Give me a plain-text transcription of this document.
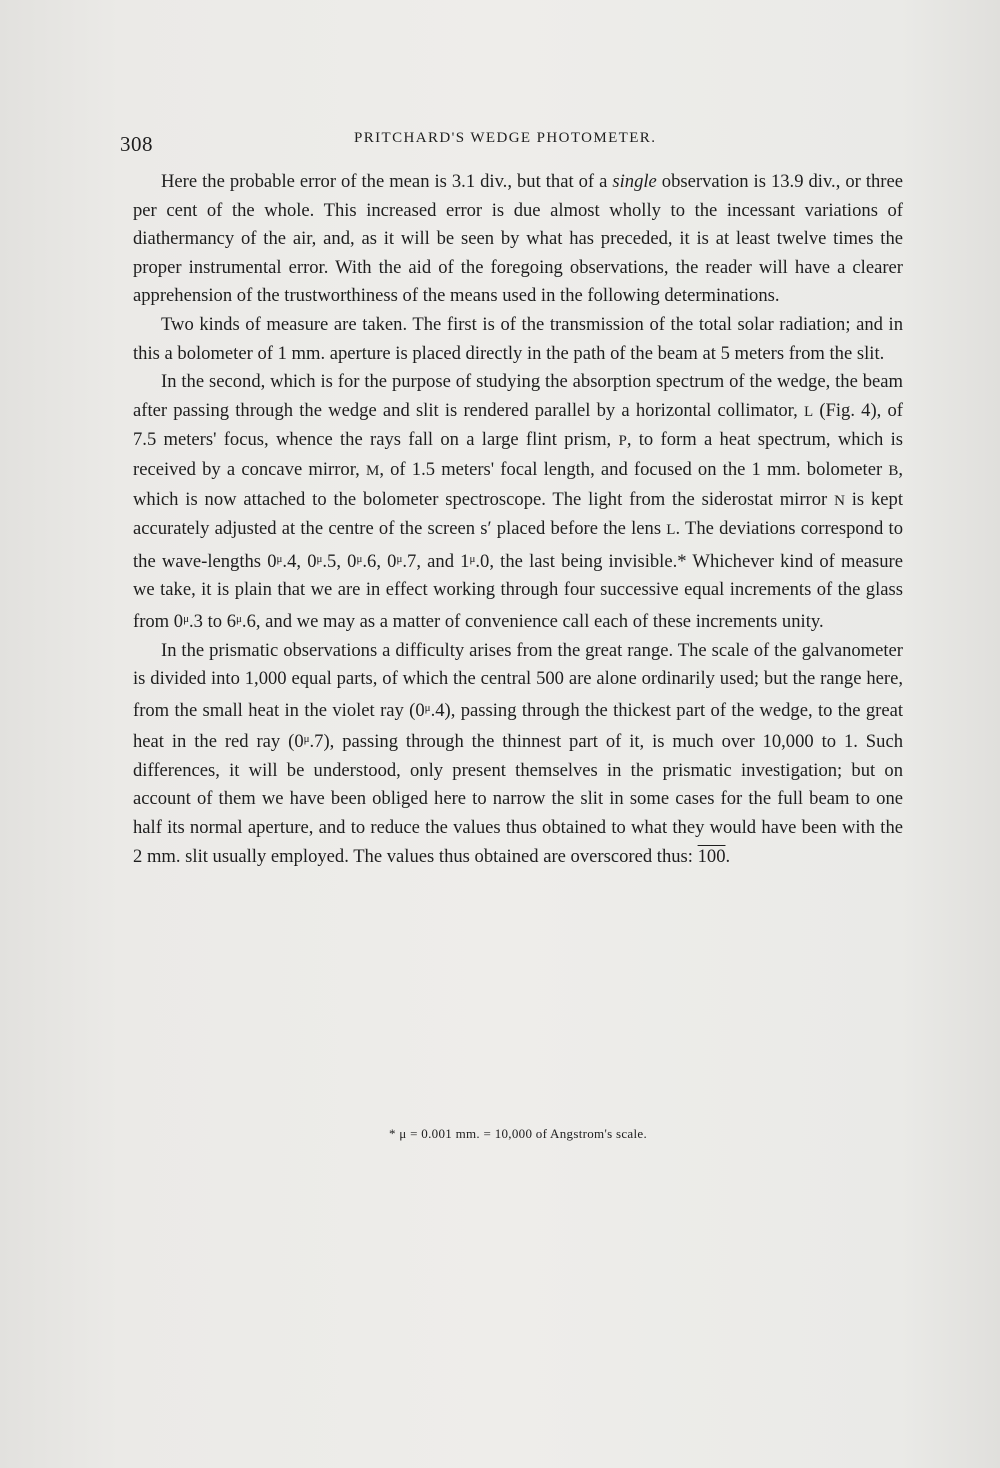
308	PRITCHARD'S WEDGE PHOTOMETER.

Here the probable error of the mean is 3.1 div., but that of a single observation is 13.9 div., or three per cent of the whole. This increased error is due almost wholly to the incessant variations of diathermancy of the air, and, as it will be seen by what has preceded, it is at least twelve times the proper instrumental error. With the aid of the foregoing observations, the reader will have a clearer apprehension of the trustworthiness of the means used in the following determinations.

Two kinds of measure are taken. The first is of the transmission of the total solar radiation; and in this a bolometer of 1 mm. aperture is placed directly in the path of the beam at 5 meters from the slit.

In the second, which is for the purpose of studying the absorption spectrum of the wedge, the beam after passing through the wedge and slit is rendered parallel by a horizontal collimator, L (Fig. 4), of 7.5 meters' focus, whence the rays fall on a large flint prism, P, to form a heat spectrum, which is received by a concave mirror, M, of 1.5 meters' focal length, and focused on the 1 mm. bolometer B, which is now attached to the bolometer spectroscope. The light from the siderostat mirror N is kept accurately adjusted at the centre of the screen s′ placed before the lens L. The deviations correspond to the wave-lengths $0^\mu.4$, $0^\mu.5$, $0^\mu.6$, $0^\mu.7$, and $1^\mu.0$, the last being invisible.* Whichever kind of measure we take, it is plain that we are in effect working through four successive equal increments of the glass from $0^\mu.3$ to $6^\mu.6$, and we may as a matter of convenience call each of these increments unity.

In the prismatic observations a difficulty arises from the great range. The scale of the galvanometer is divided into 1,000 equal parts, of which the central 500 are alone ordinarily used; but the range here, from the small heat in the violet ray $(0^\mu.4)$, passing through the thickest part of the wedge, to the great heat in the red ray $(0^\mu.7)$, passing through the thinnest part of it, is much over 10,000 to 1. Such differences, it will be understood, only present themselves in the prismatic investigation; but on account of them we have been obliged here to narrow the slit in some cases for the full beam to one half its normal aperture, and to reduce the values thus obtained to what they would have been with the 2 mm. slit usually employed. The values thus obtained are overscored thus: 100.

* μ = 0.001 mm. = 10,000 of Angstrom's scale.
